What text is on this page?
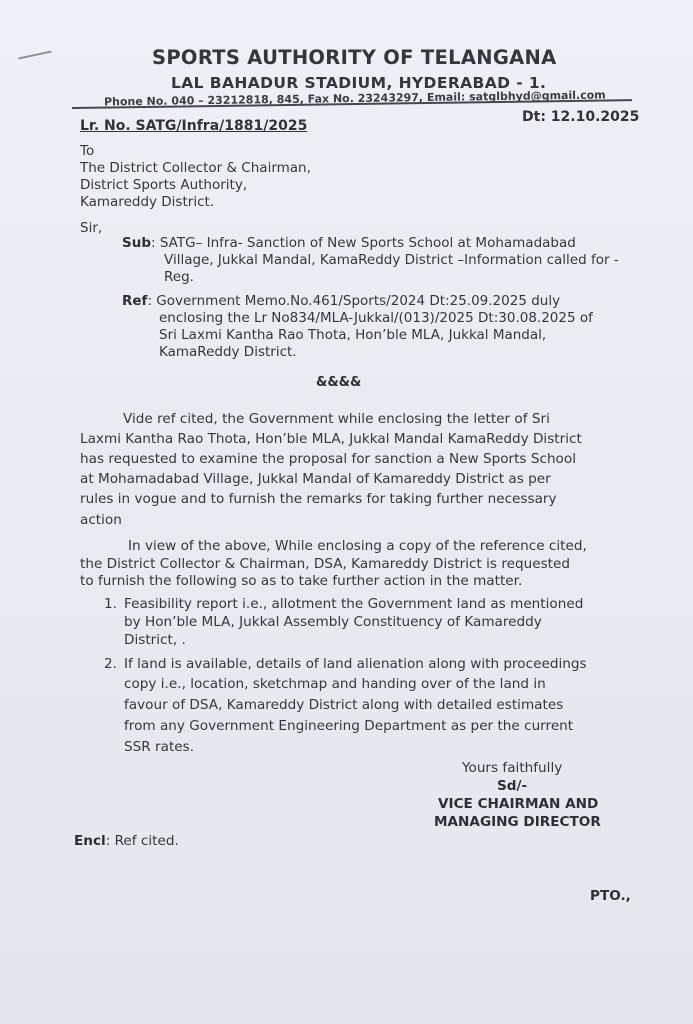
SPORTS AUTHORITY OF TELANGANA
LAL BAHADUR STADIUM, HYDERABAD - 1.
Phone No. 040 – 23212818, 845, Fax No. 23243297, Email: satglbhyd@gmail.com
Lr. No. SATG/Infra/1881/2025
Dt: 12.10.2025
To
The District Collector & Chairman,
District Sports Authority,
Kamareddy District.
Sir,
Sub: SATG– Infra- Sanction of New Sports School at Mohamadabad
Village, Jukkal Mandal, KamaReddy District –Information called for -
Reg.
Ref: Government Memo.No.461/Sports/2024 Dt:25.09.2025 duly
enclosing the Lr No834/MLA-Jukkal/(013)/2025 Dt:30.08.2025 of
Sri Laxmi Kantha Rao Thota, Hon’ble MLA, Jukkal Mandal,
KamaReddy District.
&&&&
Vide ref cited, the Government while enclosing the letter of Sri
Laxmi Kantha Rao Thota, Hon’ble MLA, Jukkal Mandal KamaReddy District
has requested to examine the proposal for sanction a New Sports School
at Mohamadabad Village, Jukkal Mandal of Kamareddy District as per
rules in vogue and to furnish the remarks for taking further necessary
action
In view of the above, While enclosing a copy of the reference cited,
the District Collector & Chairman, DSA, Kamareddy District is requested
to furnish the following so as to take further action in the matter.
1. Feasibility report i.e., allotment the Government land as mentioned
by Hon’ble MLA, Jukkal Assembly Constituency of Kamareddy
District, .
2. If land is available, details of land alienation along with proceedings
copy i.e., location, sketchmap and handing over of the land in
favour of DSA, Kamareddy District along with detailed estimates
from any Government Engineering Department as per the current
SSR rates.
Yours faithfully
Sd/-
VICE CHAIRMAN AND
MANAGING DIRECTOR
Encl: Ref cited.
PTO.,
